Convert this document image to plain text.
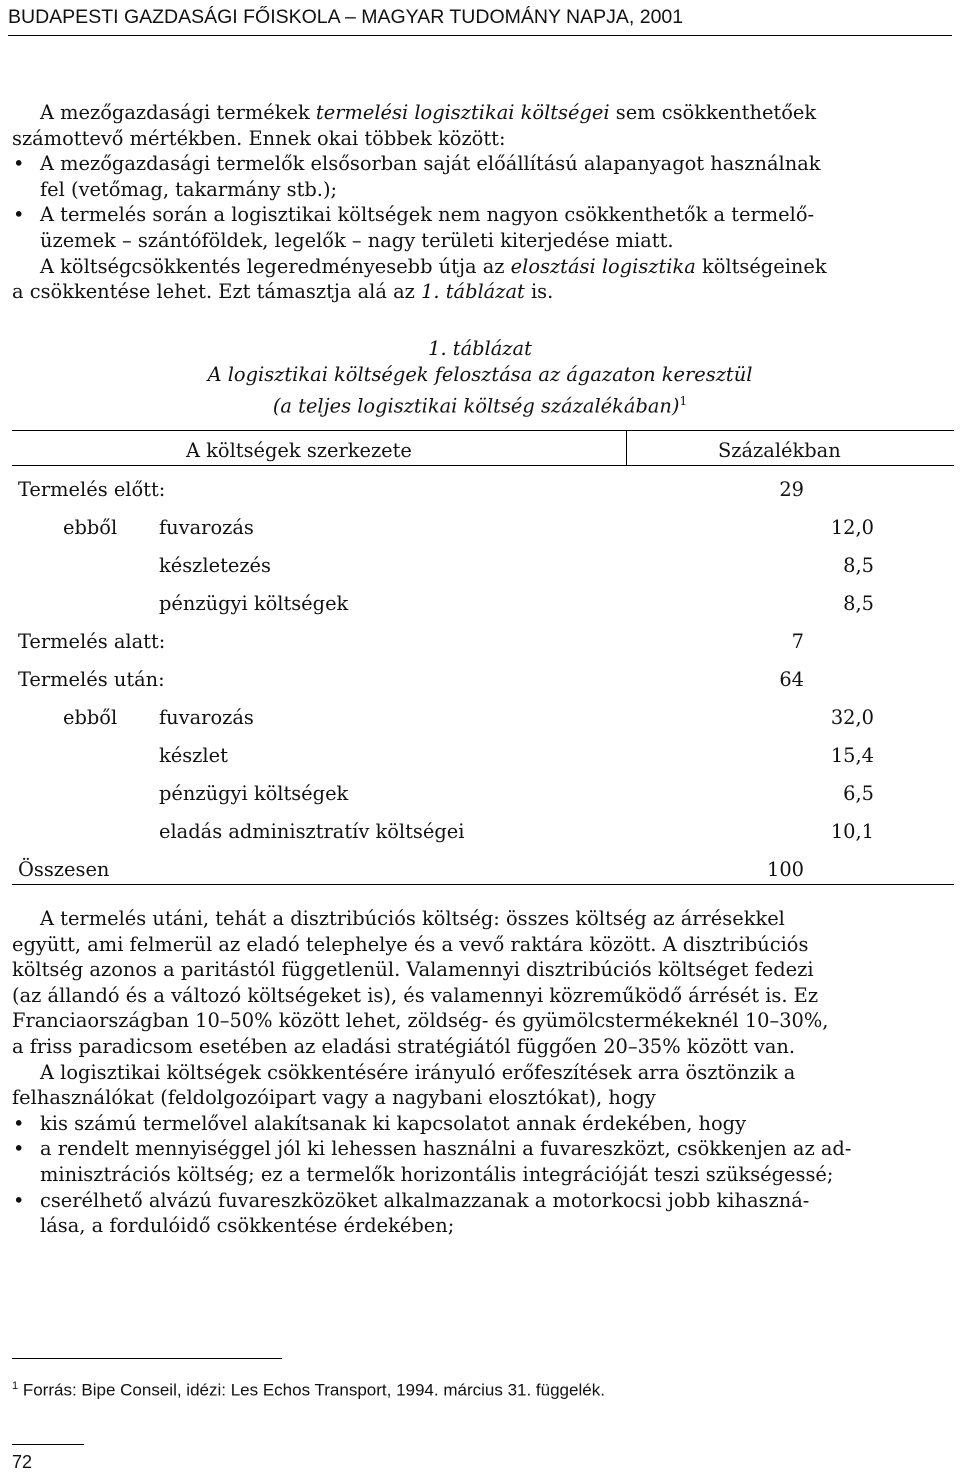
BUDAPESTI GAZDASÁGI FŐISKOLA – MAGYAR TUDOMÁNY NAPJA, 2001
A mezőgazdasági termékek termelési logisztikai költségei sem csökkenthetőek
számottevő mértékben. Ennek okai többek között:
• A mezőgazdasági termelők elsősorban saját előállítású alapanyagot használnak
fel (vetőmag, takarmány stb.);
• A termelés során a logisztikai költségek nem nagyon csökkenthetők a termelő-
üzemek – szántóföldek, legelők – nagy területi kiterjedése miatt.
A költségcsökkentés legeredményesebb útja az elosztási logisztika költségeinek
a csökkentése lehet. Ezt támasztja alá az 1. táblázat is.
1. táblázat
A logisztikai költségek felosztása az ágazaton keresztül
(a teljes logisztikai költség százalékában)$^1$
A költségek szerkezete	Százalékban
Termelés előtt:	29
ebből fuvarozás	12,0
készletezés	8,5
pénzügyi költségek	8,5
Termelés alatt:	7
Termelés után:	64
ebből fuvarozás	32,0
készlet	15,4
pénzügyi költségek	6,5
eladás adminisztratív költségei	10,1
Összesen	100
A termelés utáni, tehát a disztribúciós költség: összes költség az árrésekkel
együtt, ami felmerül az eladó telephelye és a vevő raktára között. A disztribúciós
költség azonos a paritástól függetlenül. Valamennyi disztribúciós költséget fedezi
(az állandó és a változó költségeket is), és valamennyi közreműködő árrését is. Ez
Franciaországban 10–50% között lehet, zöldség- és gyümölcstermékeknél 10–30%,
a friss paradicsom esetében az eladási stratégiától függően 20–35% között van.
A logisztikai költségek csökkentésére irányuló erőfeszítések arra ösztönzik a
felhasználókat (feldolgozóipart vagy a nagybani elosztókat), hogy
• kis számú termelővel alakítsanak ki kapcsolatot annak érdekében, hogy
• a rendelt mennyiséggel jól ki lehessen használni a fuvareszközt, csökkenjen az ad-
minisztrációs költség; ez a termelők horizontális integrációját teszi szükségessé;
• cserélhető alvázú fuvareszközöket alkalmazzanak a motorkocsi jobb kihaszná-
lása, a fordulóidő csökkentése érdekében;
$^1$ Forrás: Bipe Conseil, idézi: Les Echos Transport, 1994. március 31. függelék.
72
